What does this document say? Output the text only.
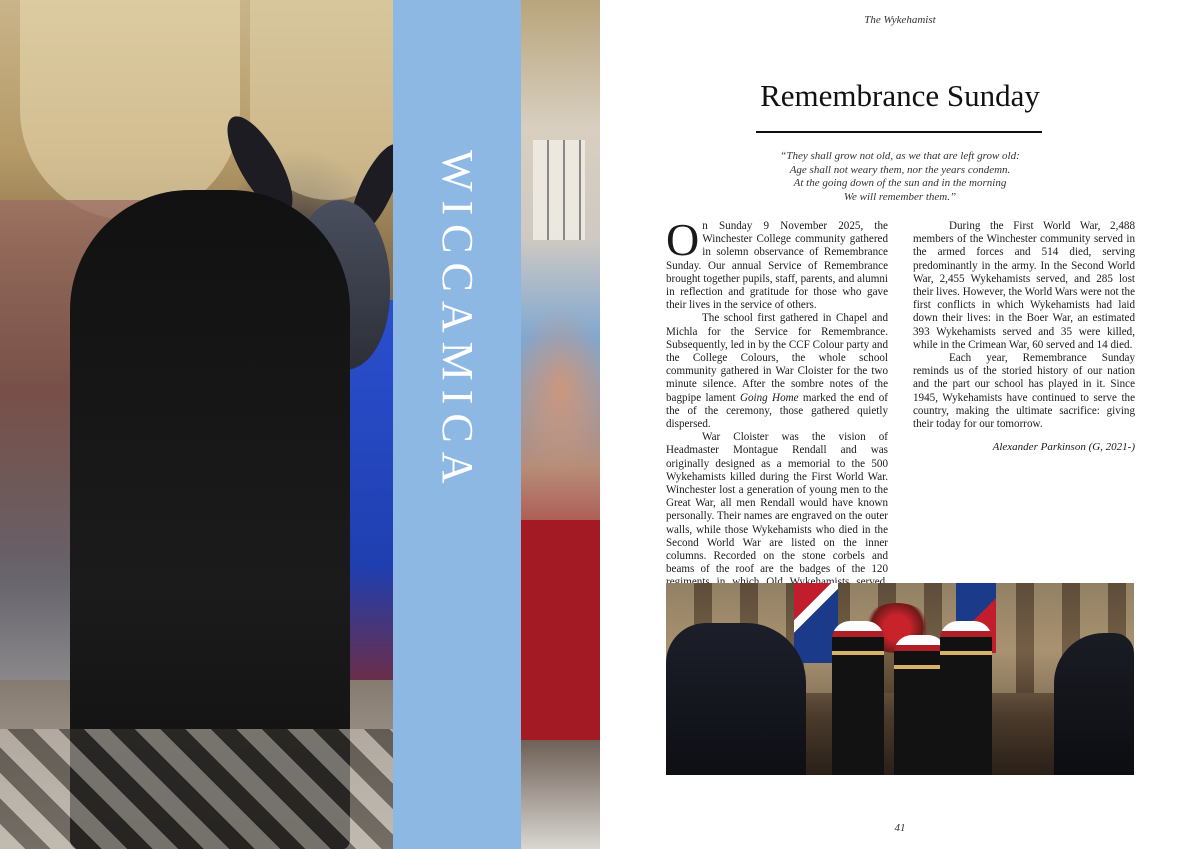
WICCAMICA
The Wykehamist
Remembrance Sunday

“They shall grow not old, as we that are left grow old:

Age shall not weary them, nor the years condemn.

At the going down of the sun and in the morning

We will remember them.”

On Sunday 9 November 2025, the Winchester College community gathered in solemn observance of Remembrance Sunday. Our annual Service of Remembrance brought together pupils, staff, parents, and alumni in reflection and gratitude for those who gave their lives in the service of others.

The school first gathered in Chapel and Michla for the Service for Remembrance. Subsequently, led in by the CCF Colour party and the College Colours, the whole school community gathered in War Cloister for the two minute silence. After the sombre notes of the bagpipe lament Going Home marked the end of the of the ceremony, those gathered quietly dispersed.

War Cloister was the vision of Headmaster Montague Rendall and was originally designed as a memorial to the 500 Wykehamists killed during the First World War. Winchester lost a generation of young men to the Great War, all men Rendall would have known personally. Their names are engraved on the outer walls, while those Wykehamists who died in the Second World War are listed on the inner columns. Recorded on the stone corbels and beams of the roof are the badges of the 120

During the First World War, 2,488 members of the Winchester community served in the armed forces and 514 died, serving predominantly in the army. In the Second World War, 2,455 Wykehamists served, and 285 lost their lives. However, the World Wars were not the first conflicts in which Wykehamists had laid down their lives: in the Boer War, an estimated 393 Wykehamists served and 35 were killed, while in the Crimean War, 60 served and 14 died.

Each year, Remembrance Sunday reminds us of the storied history of our nation and the part our school has played in it. Since 1945, Wykehamists have continued to serve the country, making the ultimate sacrifice: giving their today for our tomorrow.

Alexander Parkinson (G, 2021-)
41
